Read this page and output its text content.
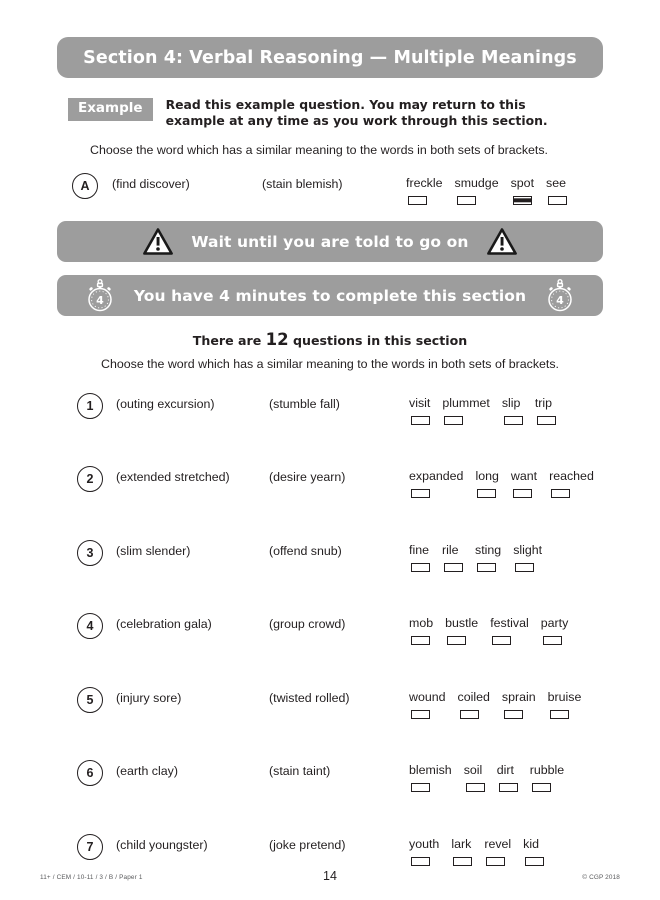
Section 4: Verbal Reasoning — Multiple Meanings
Example	Read this example question. You may return to this example at any time as you work through this section.
Choose the word which has a similar meaning to the words in both sets of brackets.
A	(find discover)	(stain blemish)	freckle smudge spot see
Wait until you are told to go on
4 You have 4 minutes to complete this section	4
There are 12 questions in this section
Choose the word which has a similar meaning to the words in both sets of brackets.
1	(outing excursion)	(stumble fall)	visit plummet slip trip
2	(extended stretched)	(desire yearn)	expanded long want reached
3	(slim slender)	(offend snub)	fine rile sting slight
4	(celebration gala)	(group crowd)	mob bustle festival party
5	(injury sore)	(twisted rolled)	wound coiled sprain bruise
6	(earth clay)	(stain taint)	blemish soil dirt rubble
7	(child youngster)	(joke pretend)	youth lark revel kid
11+ / CEM / 10-11 / 3 / B / Paper 1	14	© CGP 2018
